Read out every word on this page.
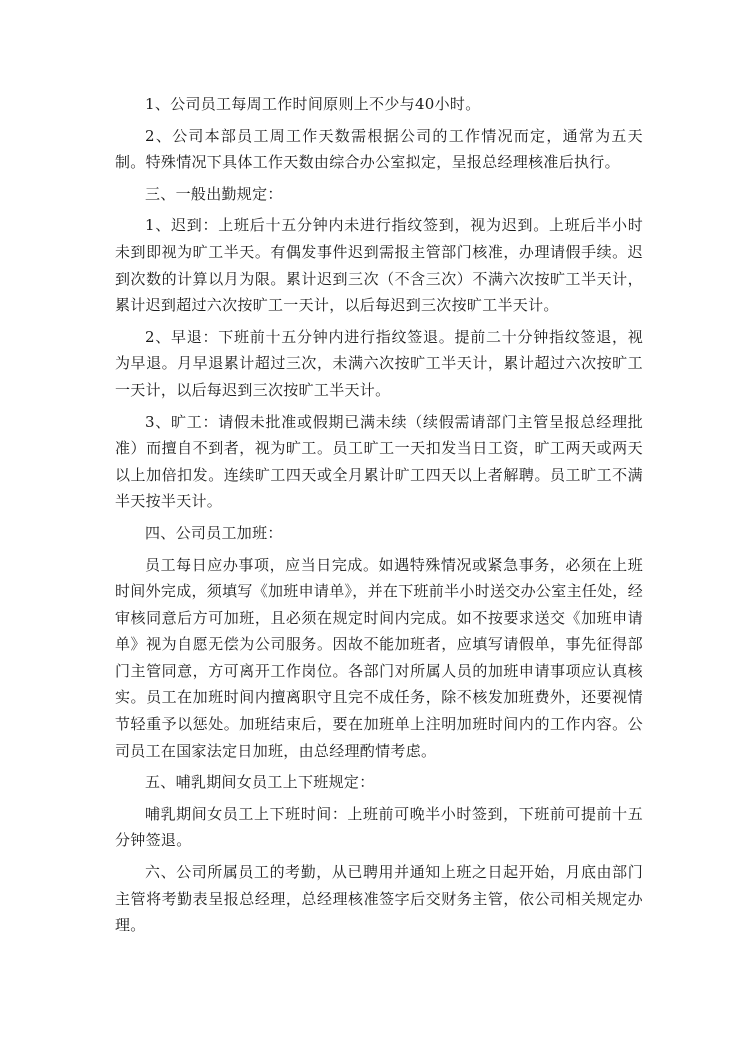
1、公司员工每周工作时间原则上不少与40小时。

2、公司本部员工周工作天数需根据公司的工作情况而定，通常为五天制。特殊情况下具体工作天数由综合办公室拟定，呈报总经理核准后执行。

三、一般出勤规定：

1、迟到：上班后十五分钟内未进行指纹签到，视为迟到。上班后半小时未到即视为旷工半天。有偶发事件迟到需报主管部门核准，办理请假手续。迟到次数的计算以月为限。累计迟到三次（不含三次）不满六次按旷工半天计，累计迟到超过六次按旷工一天计，以后每迟到三次按旷工半天计。

2、早退：下班前十五分钟内进行指纹签退。提前二十分钟指纹签退，视为早退。月早退累计超过三次，未满六次按旷工半天计，累计超过六次按旷工一天计，以后每迟到三次按旷工半天计。

3、旷工：请假未批准或假期已满未续（续假需请部门主管呈报总经理批准）而擅自不到者，视为旷工。员工旷工一天扣发当日工资，旷工两天或两天以上加倍扣发。连续旷工四天或全月累计旷工四天以上者解聘。员工旷工不满半天按半天计。

四、公司员工加班：

员工每日应办事项，应当日完成。如遇特殊情况或紧急事务，必须在上班时间外完成，须填写《加班申请单》，并在下班前半小时送交办公室主任处，经审核同意后方可加班，且必须在规定时间内完成。如不按要求送交《加班申请单》视为自愿无偿为公司服务。因故不能加班者，应填写请假单，事先征得部门主管同意，方可离开工作岗位。各部门对所属人员的加班申请事项应认真核实。员工在加班时间内擅离职守且完不成任务，除不核发加班费外，还要视情节轻重予以惩处。加班结束后，要在加班单上注明加班时间内的工作内容。公司员工在国家法定日加班，由总经理酌情考虑。

五、哺乳期间女员工上下班规定：

哺乳期间女员工上下班时间：上班前可晚半小时签到，下班前可提前十五分钟签退。

六、公司所属员工的考勤，从已聘用并通知上班之日起开始，月底由部门主管将考勤表呈报总经理，总经理核准签字后交财务主管，依公司相关规定办理。
